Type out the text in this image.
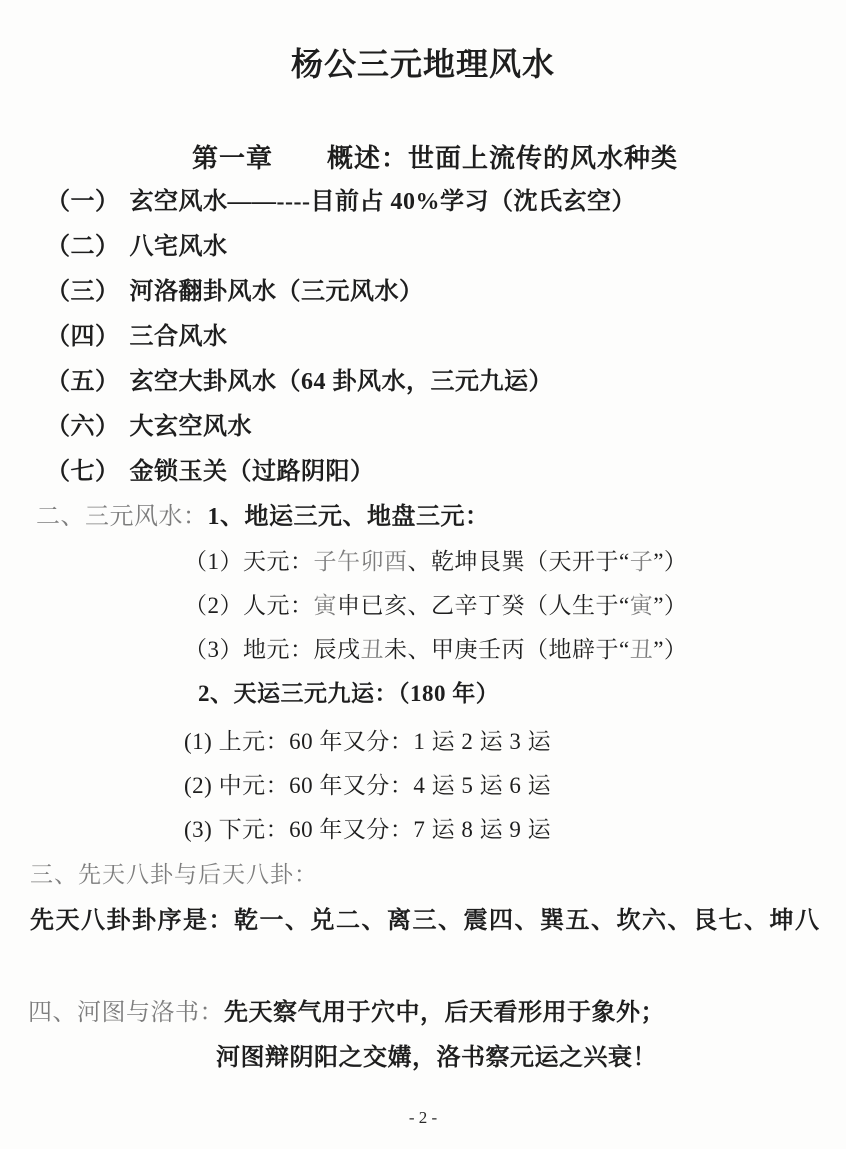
杨公三元地理风水
第一章 概述：世面上流传的风水种类
（一） 玄空风水——----目前占 40%学习（沈氏玄空）
（二） 八宅风水
（三） 河洛翻卦风水（三元风水）
（四） 三合风水
（五） 玄空大卦风水（64 卦风水，三元九运）
（六） 大玄空风水
（七） 金锁玉关（过路阴阳）
二、三元风水：1、地运三元、地盘三元：
（1）天元：子午卯酉、乾坤艮巽（天开于“子”）
（2）人元：寅申已亥、乙辛丁癸（人生于“寅”）
（3）地元：辰戌丑未、甲庚壬丙（地辟于“丑”）
2、天运三元九运：（180 年）
(1) 上元：60 年又分：1 运 2 运 3 运
(2) 中元：60 年又分：4 运 5 运 6 运
(3) 下元：60 年又分：7 运 8 运 9 运
三、先天八卦与后天八卦：
先天八卦卦序是：乾一、兑二、离三、震四、巽五、坎六、艮七、坤八
四、河图与洛书：先天察气用于穴中，后天看形用于象外；
河图辩阴阳之交媾，洛书察元运之兴衰！
- 2 -
